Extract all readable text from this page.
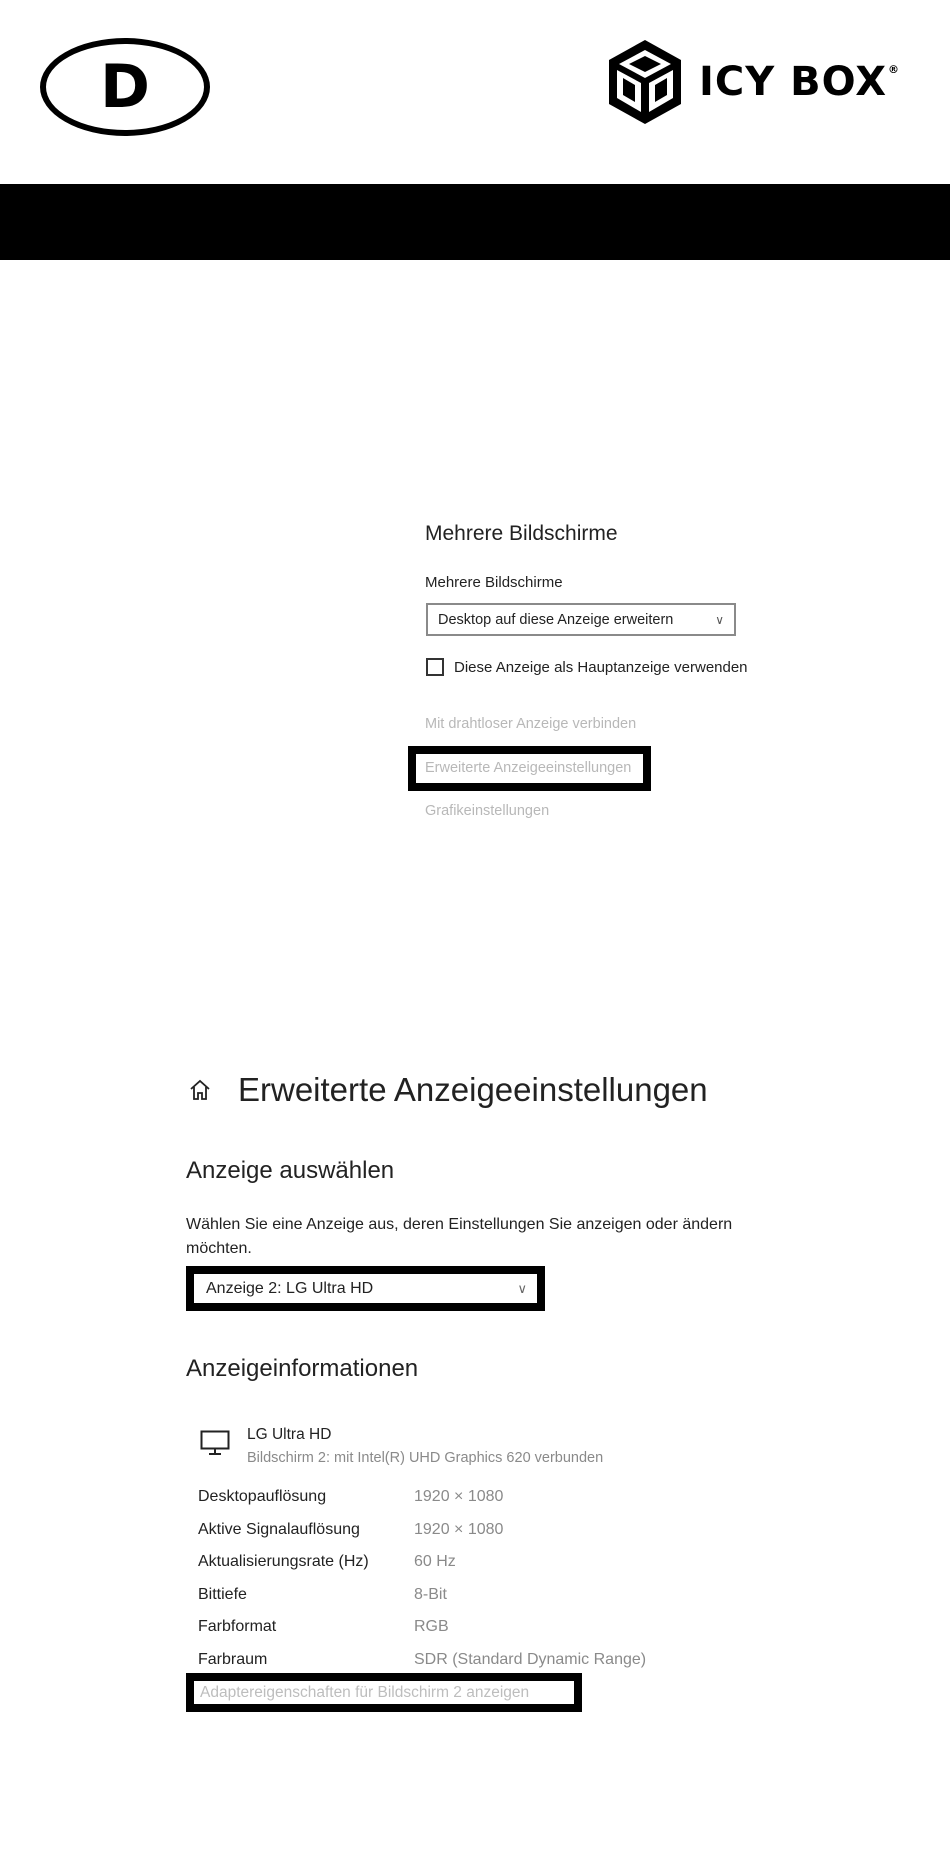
D	ICY BOX®
Mehrere Bildschirme
Mehrere Bildschirme
Desktop auf diese Anzeige erweitern	∨
Diese Anzeige als Hauptanzeige verwenden
Mit drahtloser Anzeige verbinden
Erweiterte Anzeigeeinstellungen
Grafikeinstellungen
Erweiterte Anzeigeeinstellungen
Anzeige auswählen
Wählen Sie eine Anzeige aus, deren Einstellungen Sie anzeigen oder ändern möchten.
Anzeige 2: LG Ultra HD	∨
Anzeigeinformationen
LG Ultra HD
Bildschirm 2: mit Intel(R) UHD Graphics 620 verbunden
Desktopauflösung	1920 × 1080
Aktive Signalauflösung	1920 × 1080
Aktualisierungsrate (Hz)	60 Hz
Bittiefe	8-Bit
Farbformat	RGB
Farbraum	SDR (Standard Dynamic Range)
Adaptereigenschaften für Bildschirm 2 anzeigen
